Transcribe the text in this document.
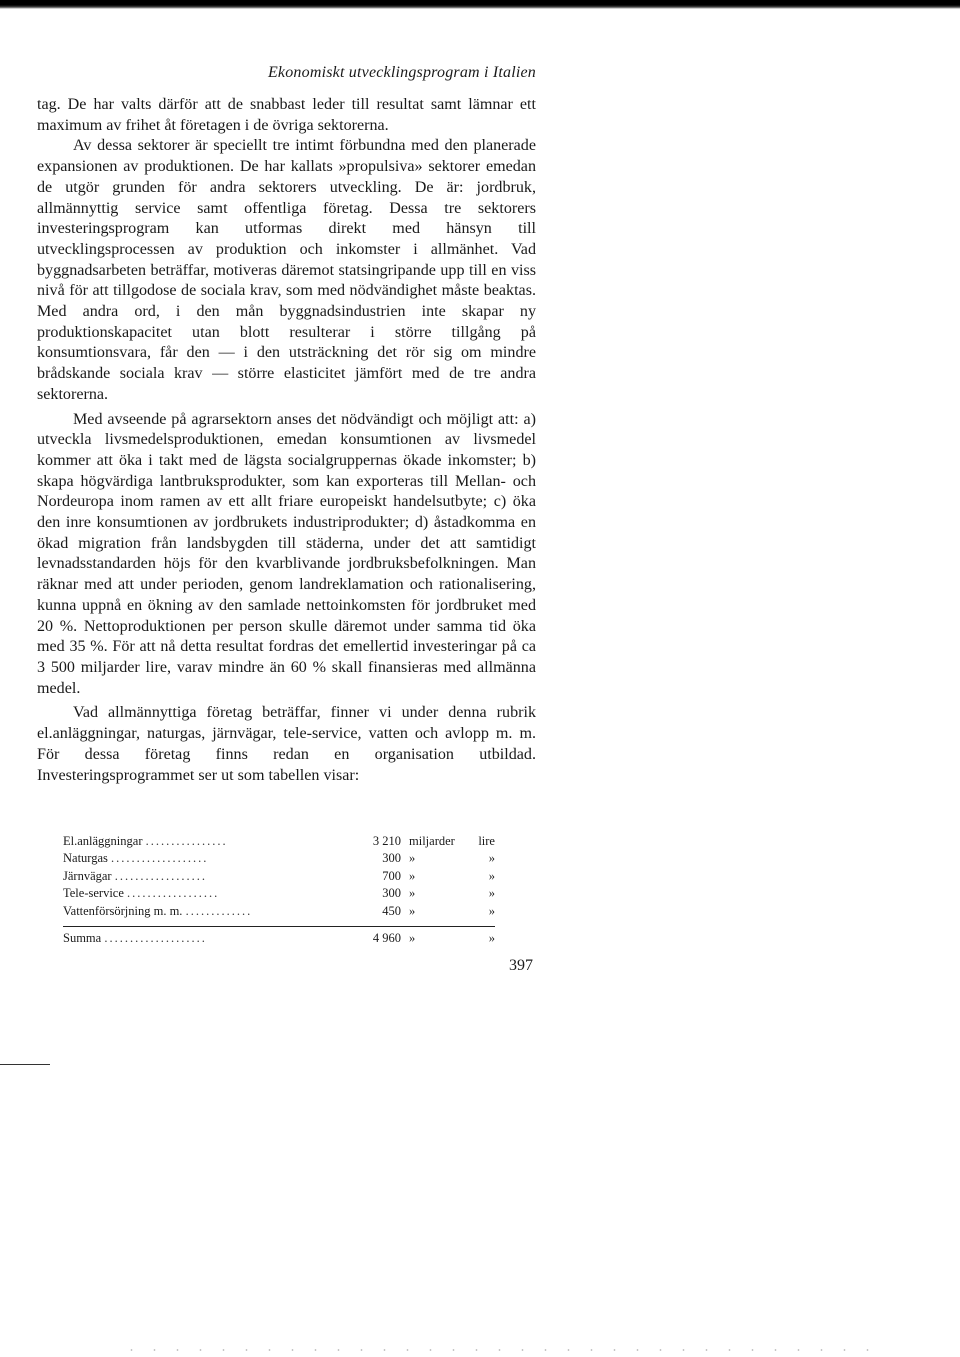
Ekonomiskt utvecklingsprogram i Italien

tag. De har valts därför att de snabbast leder till resultat samt lämnar ett maximum av frihet åt företagen i de övriga sektorerna.

Av dessa sektorer är speciellt tre intimt förbundna med den planerade expansionen av produktionen. De har kallats »propulsiva» sektorer emedan de utgör grunden för andra sektorers utveckling. De är: jordbruk, allmännyttig service samt offentliga företag. Dessa tre sektorers investeringsprogram kan utformas direkt med hänsyn till utvecklingsprocessen av produktion och inkomster i allmänhet. Vad byggnadsarbeten beträffar, motiveras däremot statsingripande upp till en viss nivå för att tillgodose de sociala krav, som med nödvändighet måste beaktas. Med andra ord, i den mån byggnadsindustrien inte skapar ny produktionskapacitet utan blott resulterar i större tillgång på konsumtionsvara, får den — i den utsträckning det rör sig om mindre brådskande sociala krav — större elasticitet jämfört med de tre andra sektorerna.

Med avseende på agrarsektorn anses det nödvändigt och möjligt att: a) utveckla livsmedelsproduktionen, emedan konsumtionen av livsmedel kommer att öka i takt med de lägsta socialgruppernas ökade inkomster; b) skapa högvärdiga lantbruksprodukter, som kan exporteras till Mellan- och Nordeuropa inom ramen av ett allt friare europeiskt handelsutbyte; c) öka den inre konsumtionen av jordbrukets industriprodukter; d) åstadkomma en ökad migration från landsbygden till städerna, under det att samtidigt levnadsstandarden höjs för den kvarblivande jordbruksbefolkningen. Man räknar med att under perioden, genom landreklamation och rationalisering, kunna uppnå en ökning av den samlade nettoinkomsten för jordbruket med 20 %. Nettoproduktionen per person skulle däremot under samma tid öka med 35 %. För att nå detta resultat fordras det emellertid investeringar på ca 3 500 miljarder lire, varav mindre än 60 % skall finansieras med allmänna medel.

Vad allmännyttiga företag beträffar, finner vi under denna rubrik el.anläggningar, naturgas, järnvägar, tele-service, vatten och avlopp m. m. För dessa företag finns redan en organisation utbildad. Investeringsprogrammet ser ut som tabellen visar:

El.anläggningar ................	3 210 miljarder	lire
Naturgas ...................	300 »	»
Järnvägar ..................	700 »	»
Tele-service ..................	300 »	»
Vattenförsörjning m. m. .............	450 »	»
Summa ....................	4 960 »	»
397
